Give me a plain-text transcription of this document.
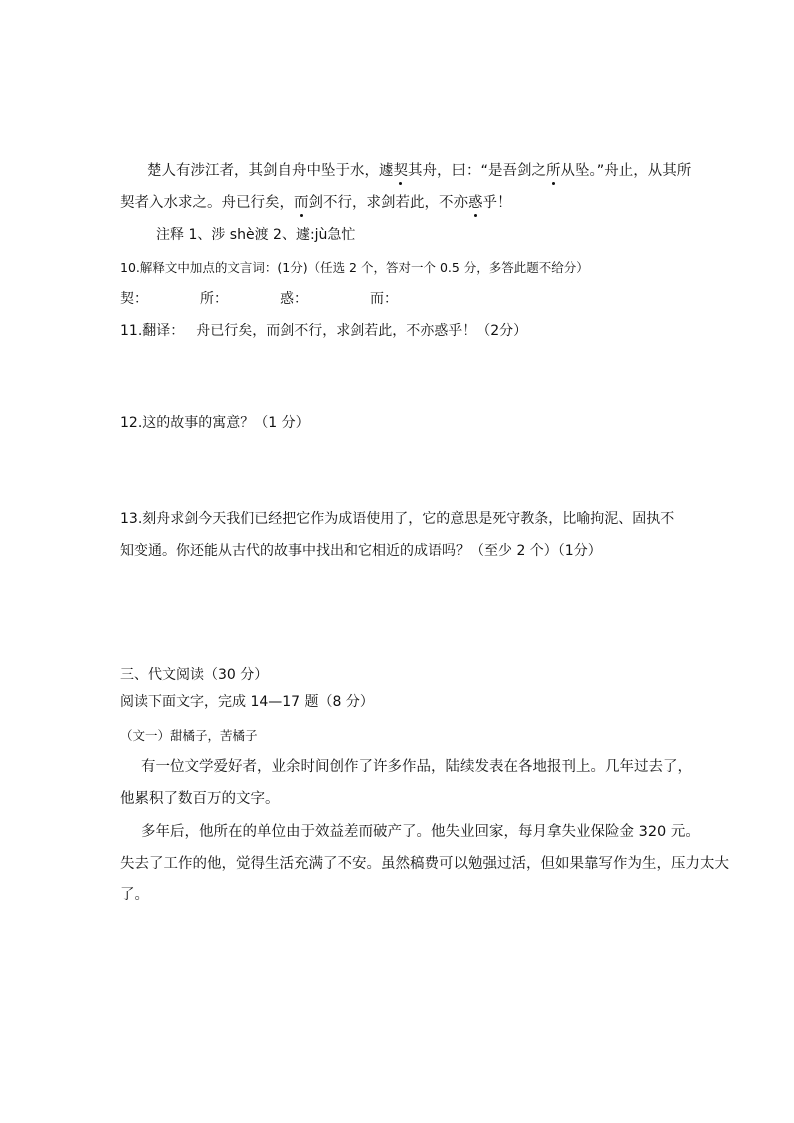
楚人有涉江者，其剑自舟中坠于水，遽契其舟，曰：“是吾剑之所从坠。”舟止，从其所
契者入水求之。舟已行矣，而剑不行，求剑若此，不亦惑乎！
注释 1、涉 shè渡 2、遽:jù急忙
10.解释文中加点的文言词：(1分)（任选 2 个，答对一个 0.5 分，多答此题不给分）
契：	所：	惑：	而：
11.翻译： 舟已行矣，而剑不行，求剑若此，不亦惑乎！（2分）
12.这的故事的寓意？（1 分）
13.刻舟求剑今天我们已经把它作为成语使用了，它的意思是死守教条，比喻拘泥、固执不
知变通。你还能从古代的故事中找出和它相近的成语吗？（至少 2 个）（1分）
三、代文阅读（30 分）
阅读下面文字，完成 14—17 题（8 分）
（文一）甜橘子，苦橘子
有一位文学爱好者，业余时间创作了许多作品，陆续发表在各地报刊上。几年过去了，
他累积了数百万的文字。
多年后，他所在的单位由于效益差而破产了。他失业回家，每月拿失业保险金 320 元。
失去了工作的他，觉得生活充满了不安。虽然稿费可以勉强过活，但如果靠写作为生，压力太大
了。
